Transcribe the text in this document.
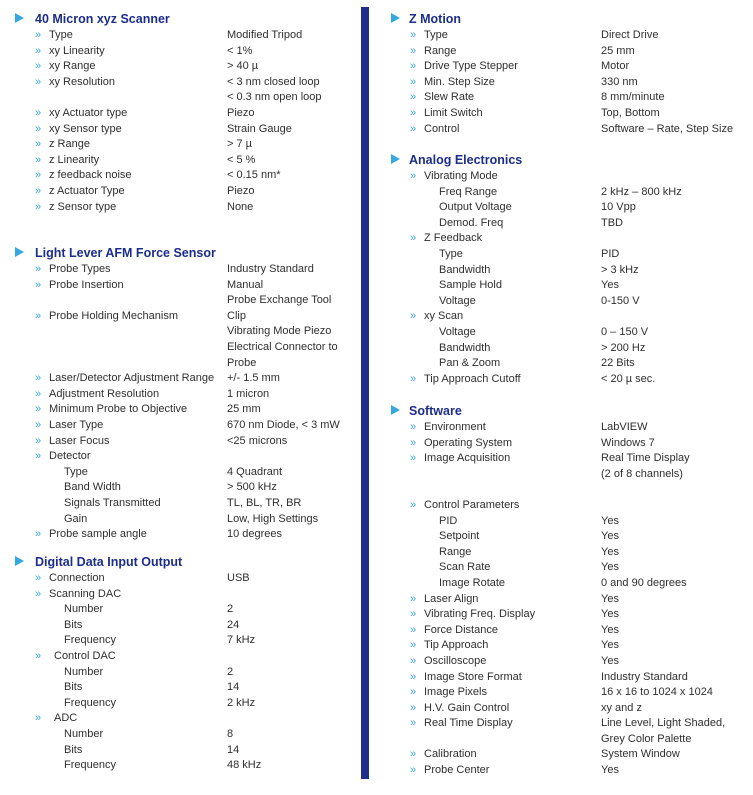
40 Micron xyz Scanner
» Type	Modified Tripod
» xy Linearity	< 1%
» xy Range	> 40 µ
» xy Resolution	< 3 nm closed loop
< 0.3 nm open loop
» xy Actuator type	Piezo
» xy Sensor type	Strain Gauge
» z Range	> 7 µ
» z Linearity	< 5 %
» z feedback noise	< 0.15 nm*
» z Actuator Type	Piezo
» z Sensor type	None
Light Lever AFM Force Sensor
» Probe Types	Industry Standard
» Probe Insertion	Manual
Probe Exchange Tool
» Probe Holding Mechanism	Clip
Vibrating Mode Piezo
Electrical Connector to
Probe
» Laser/Detector Adjustment Range +/- 1.5 mm
» Adjustment Resolution	1 micron
» Minimum Probe to Objective	25 mm
» Laser Type	670 nm Diode, < 3 mW
» Laser Focus	<25 microns
» Detector
Type	4 Quadrant
Band Width	> 500 kHz
Signals Transmitted	TL, BL, TR, BR
Gain	Low, High Settings
» Probe sample angle	10 degrees
Digital Data Input Output
» Connection	USB
» Scanning DAC
Number	2
Bits	24
Frequency	7 kHz
» Control DAC
Number	2
Bits	14
Frequency	2 kHz
» ADC
Number	8
Bits	14
Frequency	48 kHz
Z Motion
» Type	Direct Drive
» Range	25 mm
» Drive Type Stepper	Motor
» Min. Step Size	330 nm
» Slew Rate	8 mm/minute
» Limit Switch	Top, Bottom
» Control	Software – Rate, Step Size
Analog Electronics
» Vibrating Mode
Freq Range	2 kHz – 800 kHz
Output Voltage	10 Vpp
Demod. Freq	TBD
» Z Feedback
Type	PID
Bandwidth	> 3 kHz
Sample Hold	Yes
Voltage	0-150 V
» xy Scan
Voltage	0 – 150 V
Bandwidth	> 200 Hz
Pan & Zoom	22 Bits
» Tip Approach Cutoff	< 20 µ sec.
Software
» Environment	LabVIEW
» Operating System	Windows 7
» Image Acquisition	Real Time Display
(2 of 8 channels)
» Control Parameters
PID	Yes
Setpoint	Yes
Range	Yes
Scan Rate	Yes
Image Rotate	0 and 90 degrees
» Laser Align	Yes
» Vibrating Freq. Display	Yes
» Force Distance	Yes
» Tip Approach	Yes
» Oscilloscope	Yes
» Image Store Format	Industry Standard
» Image Pixels	16 x 16 to 1024 x 1024
» H.V. Gain Control	xy and z
» Real Time Display	Line Level, Light Shaded,
Grey Color Palette
» Calibration	System Window
» Probe Center	Yes
